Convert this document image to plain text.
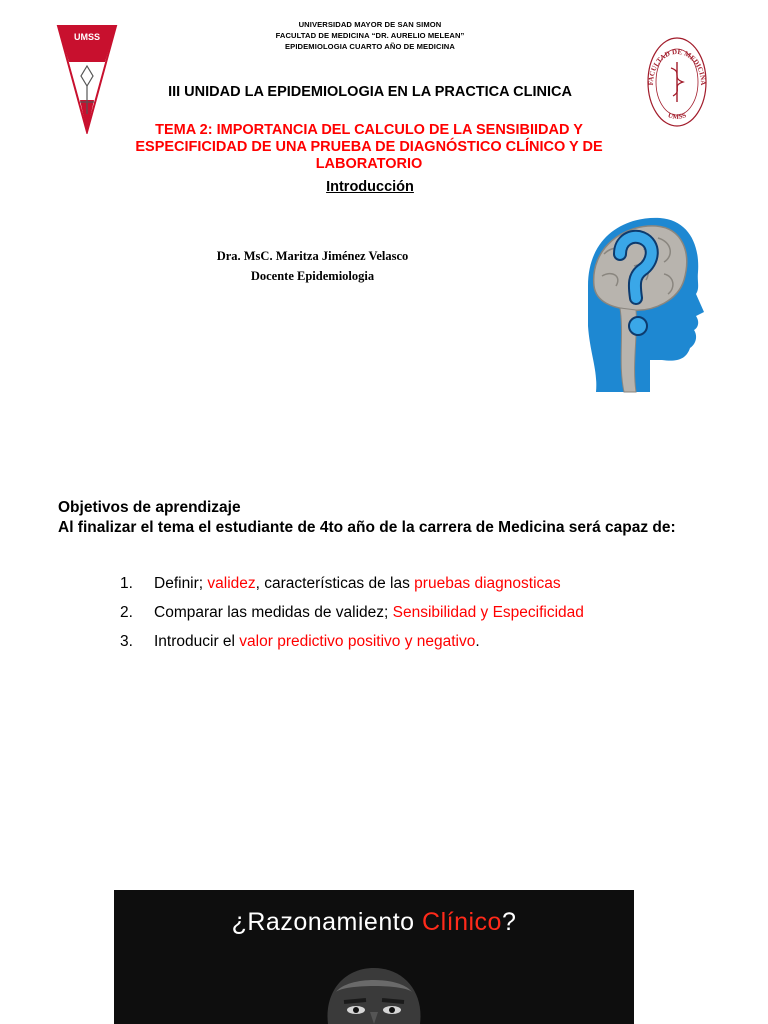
UNIVERSIDAD MAYOR DE SAN SIMON
FACULTAD DE MEDICINA “DR. AURELIO MELEAN”
EPIDEMIOLOGIA CUARTO AÑO DE MEDICINA
UMSS
FACULTAD DE MEDICINA
UMSS
III UNIDAD LA EPIDEMIOLOGIA EN LA PRACTICA CLINICA
TEMA 2: IMPORTANCIA DEL CALCULO DE LA SENSIBIIDAD Y
ESPECIFICIDAD DE UNA PRUEBA DE DIAGNÓSTICO CLÍNICO Y DE
LABORATORIO
Introducción
Dra. MsC. Maritza Jiménez Velasco
Docente Epidemiologia
Objetivos de aprendizaje
Al finalizar el tema el estudiante de 4to año de la carrera de Medicina será capaz de:
1. Definir; validez, características de las pruebas diagnosticas
2. Comparar las medidas de validez; Sensibilidad y Especificidad
3. Introducir el valor predictivo positivo y negativo.
¿Razonamiento Clínico?
